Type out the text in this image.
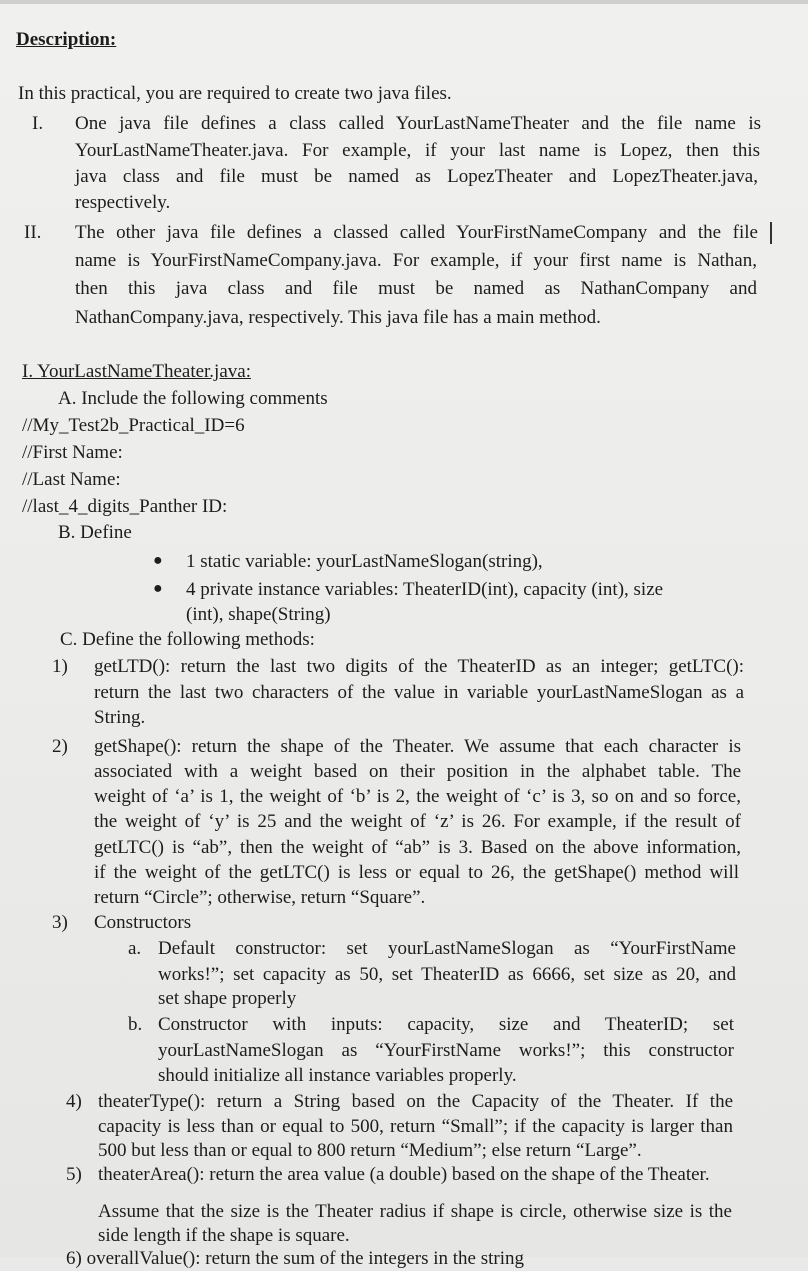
Description:
In this practical, you are required to create two java files.
I. One java file defines a class called YourLastNameTheater and the file name is
YourLastNameTheater.java. For example, if your last name is Lopez, then this
java class and file must be named as LopezTheater and LopezTheater.java,
respectively.
II. The other java file defines a classed called YourFirstNameCompany and the file
name is YourFirstNameCompany.java. For example, if your first name is Nathan,
then this java class and file must be named as NathanCompany and
NathanCompany.java, respectively. This java file has a main method.
I. YourLastNameTheater.java:
A. Include the following comments
//My_Test2b_Practical_ID=6
//First Name:
//Last Name:
//last_4_digits_Panther ID:
B. Define
● 1 static variable: yourLastNameSlogan(string),
● 4 private instance variables: TheaterID(int), capacity (int), size
(int), shape(String)
C. Define the following methods:
1) getLTD(): return the last two digits of the TheaterID as an integer; getLTC():
return the last two characters of the value in variable yourLastNameSlogan as a
String.
2) getShape(): return the shape of the Theater. We assume that each character is
associated with a weight based on their position in the alphabet table. The
weight of ‘a’ is 1, the weight of ‘b’ is 2, the weight of ‘c’ is 3, so on and so force,
the weight of ‘y’ is 25 and the weight of ‘z’ is 26. For example, if the result of
getLTC() is “ab”, then the weight of “ab” is 3. Based on the above information,
if the weight of the getLTC() is less or equal to 26, the getShape() method will
return “Circle”; otherwise, return “Square”.
3) Constructors
a. Default constructor: set yourLastNameSlogan as “YourFirstName
works!”; set capacity as 50, set TheaterID as 6666, set size as 20, and
set shape properly
b. Constructor with inputs: capacity, size and TheaterID; set
yourLastNameSlogan as “YourFirstName works!”; this constructor
should initialize all instance variables properly.
4) theaterType(): return a String based on the Capacity of the Theater. If the
capacity is less than or equal to 500, return “Small”; if the capacity is larger than
500 but less than or equal to 800 return “Medium”; else return “Large”.
5) theaterArea(): return the area value (a double) based on the shape of the Theater.
Assume that the size is the Theater radius if shape is circle, otherwise size is the
side length if the shape is square.
6) overallValue(): return the sum of the integers in the string
